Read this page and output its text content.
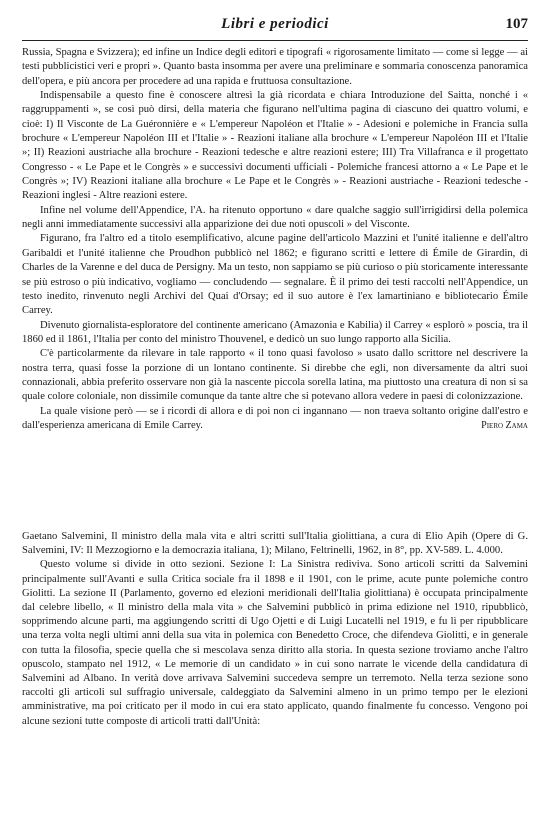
Libri e periodici	107

Russia, Spagna e Svizzera); ed infine un Indice degli editori e tipografi « rigorosamente limitato — come si legge — ai testi pubblicistici veri e propri ». Quanto basta insomma per avere una preliminare e sommaria conoscenza panoramica dell'opera, e più ancora per procedere ad una rapida e fruttuosa consultazione.

Indispensabile a questo fine è conoscere altresì la già ricordata e chiara Introduzione del Saitta, nonché i « raggruppamenti », se così può dirsi, della materia che figurano nell'ultima pagina di ciascuno dei quattro volumi, e cioè: I) Il Visconte de La Guéronnière e « L'empereur Napoléon et l'Italie » - Adesioni e polemiche in Francia sulla brochure « L'empereur Napoléon III et l'Italie » - Reazioni italiane alla brochure « L'empereur Napoléon III et l'Italie »; II) Reazioni austriache alla brochure - Reazioni tedesche e altre reazioni estere; III) Tra Villafranca e il progettato Congresso - « Le Pape et le Congrès » e successivi documenti ufficiali - Polemiche francesi attorno a « Le Pape et le Congrès »; IV) Reazioni italiane alla brochure « Le Pape et le Congrès » - Reazioni austriache - Reazioni tedesche - Reazioni inglesi - Altre reazioni estere.

Infine nel volume dell'Appendice, l'A. ha ritenuto opportuno « dare qualche saggio sull'irrigidirsi della polemica negli anni immediatamente successivi alla apparizione dei due noti opuscoli » del Visconte.

Figurano, fra l'altro ed a titolo esemplificativo, alcune pagine dell'articolo Mazzini et l'unité italienne e dell'altro Garibaldi et l'unité italienne che Proudhon pubblicò nel 1862; e figurano scritti e lettere di Émile de Girardin, di Charles de la Varenne e del duca de Persigny. Ma un testo, non sappiamo se più curioso o più storicamente interessante se più estroso o più indicativo, vogliamo — concludendo — segnalare. È il primo dei testi raccolti nell'Appendice, un testo inedito, rinvenuto negli Archivi del Quai d'Orsay; ed il suo autore è l'ex lamartiniano e bibliotecario Émile Carrey.

Divenuto giornalista-esploratore del continente americano (Amazonia e Kabilia) il Carrey « esplorò » poscia, tra il 1860 ed il 1861, l'Italia per conto del ministro Thouvenel, e dedicò un suo lungo rapporto alla Sicilia.

C'è particolarmente da rilevare in tale rapporto « il tono quasi favoloso » usato dallo scrittore nel descrivere la nostra terra, quasi fosse la porzione di un lontano continente. Si direbbe che egli, non diversamente da altri suoi connazionali, abbia preferito osservare non già la nascente piccola sorella latina, ma piuttosto una creatura di non si sa quale colore coloniale, non dissimile comunque da tante altre che si potevano allora vedere in paesi di colonizzazione.

La quale visione però — se i ricordi di allora e di poi non ci ingannano — non traeva soltanto origine dall'estro e dall'esperienza americana di Emile Carrey.	Piero Zama

Gaetano Salvemini, Il ministro della mala vita e altri scritti sull'Italia giolittiana, a cura di Elio Apih (Opere di G. Salvemini, IV: Il Mezzogiorno e la democrazia italiana, 1); Milano, Feltrinelli, 1962, in 8°, pp. XV-589. L. 4.000.

Questo volume si divide in otto sezioni. Sezione I: La Sinistra rediviva. Sono articoli scritti da Salvemini principalmente sull'Avanti e sulla Critica sociale fra il 1898 e il 1901, con le prime, acute punte polemiche contro Giolitti. La sezione II (Parlamento, governo ed elezioni meridionali dell'Italia giolittiana) è occupata principalmente dal celebre libello, « Il ministro della mala vita » che Salvemini pubblicò in prima edizione nel 1910, ripubblicò, sopprimendo alcune parti, ma aggiungendo scritti di Ugo Ojetti e di Luigi Lucatelli nel 1919, e fu lì per ripubblicare una terza volta negli ultimi anni della sua vita in polemica con Benedetto Croce, che difendeva Giolitti, e in generale con tutta la filosofia, specie quella che si mescolava senza diritto alla storia. In questa sezione troviamo anche l'altro opuscolo, stampato nel 1912, « Le memorie di un candidato » in cui sono narrate le vicende della candidatura di Salvemini ad Albano. In verità dove arrivava Salvemini succedeva sempre un terremoto. Nella terza sezione sono raccolti gli articoli sul suffragio universale, caldeggiato da Salvemini almeno in un primo tempo per le elezioni amministrative, ma poi criticato per il modo in cui era stato applicato, quando finalmente fu concesso. Vengono poi alcune sezioni tutte composte di articoli tratti dall'Unità:
